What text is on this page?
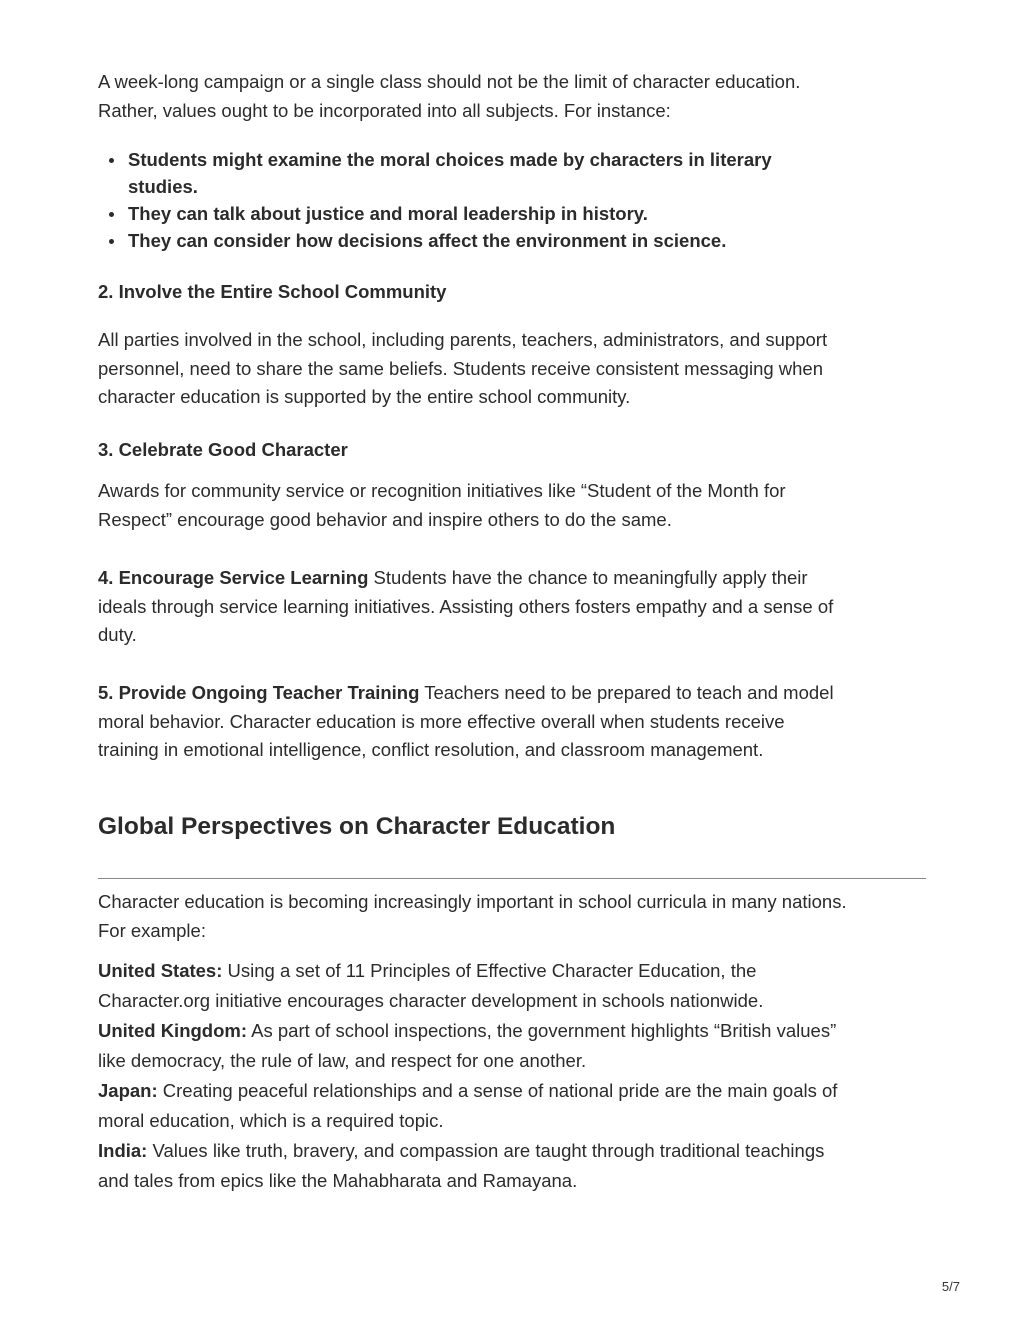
A week-long campaign or a single class should not be the limit of character education.

Rather, values ought to be incorporated into all subjects. For instance:

Students might examine the moral choices made by characters in literary
studies.
They can talk about justice and moral leadership in history.
They can consider how decisions affect the environment in science.

2. Involve the Entire School Community

All parties involved in the school, including parents, teachers, administrators, and support

personnel, need to share the same beliefs. Students receive consistent messaging when

character education is supported by the entire school community.

3. Celebrate Good Character

Awards for community service or recognition initiatives like “Student of the Month for

Respect” encourage good behavior and inspire others to do the same.

4. Encourage Service Learning Students have the chance to meaningfully apply their

ideals through service learning initiatives. Assisting others fosters empathy and a sense of

duty.

5. Provide Ongoing Teacher Training Teachers need to be prepared to teach and model

moral behavior. Character education is more effective overall when students receive

training in emotional intelligence, conflict resolution, and classroom management.

Global Perspectives on Character Education

Character education is becoming increasingly important in school curricula in many nations.

For example:

United States: Using a set of 11 Principles of Effective Character Education, the

Character.org initiative encourages character development in schools nationwide.

United Kingdom: As part of school inspections, the government highlights “British values”

like democracy, the rule of law, and respect for one another.

Japan: Creating peaceful relationships and a sense of national pride are the main goals of

moral education, which is a required topic.

India: Values like truth, bravery, and compassion are taught through traditional teachings

and tales from epics like the Mahabharata and Ramayana.

5/7
